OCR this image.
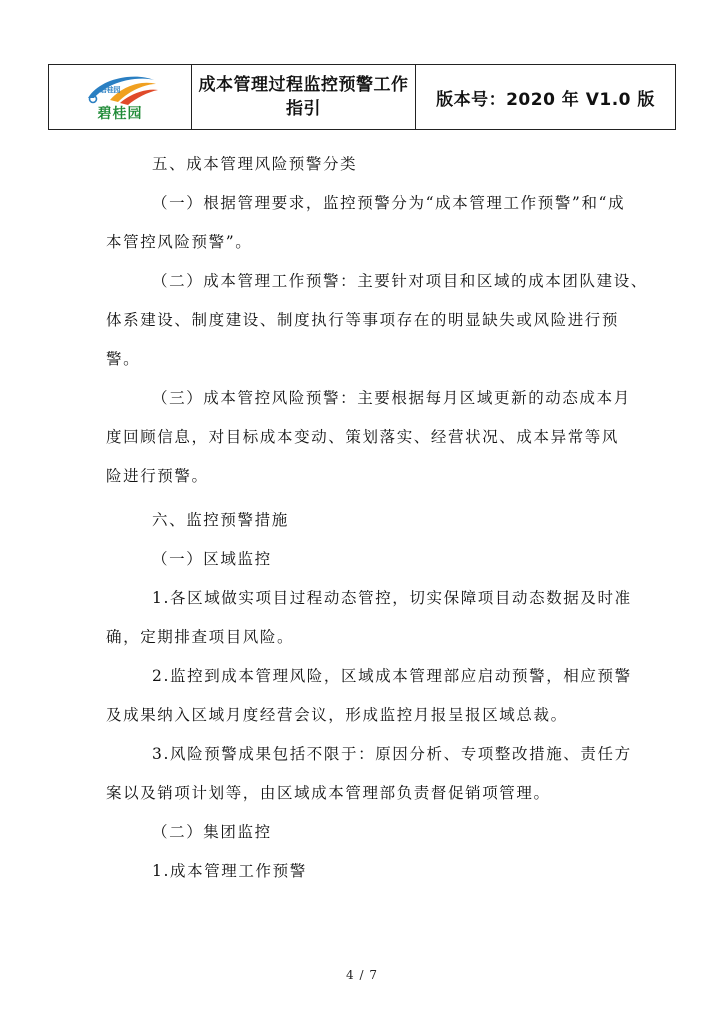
碧桂园
碧桂园
成本管理过程监控预警工作
指引	版本号：2020 年 V1.0 版
五、成本管理风险预警分类
（一）根据管理要求，监控预警分为“成本管理工作预警”和“成
本管控风险预警”。
（二）成本管理工作预警：主要针对项目和区域的成本团队建设、
体系建设、制度建设、制度执行等事项存在的明显缺失或风险进行预
警。
（三）成本管控风险预警：主要根据每月区域更新的动态成本月
度回顾信息，对目标成本变动、策划落实、经营状况、成本异常等风
险进行预警。
六、监控预警措施
（一）区域监控
1.各区域做实项目过程动态管控，切实保障项目动态数据及时准
确，定期排查项目风险。
2.监控到成本管理风险，区域成本管理部应启动预警，相应预警
及成果纳入区域月度经营会议，形成监控月报呈报区域总裁。
3.风险预警成果包括不限于：原因分析、专项整改措施、责任方
案以及销项计划等，由区域成本管理部负责督促销项管理。
（二）集团监控
1.成本管理工作预警
4 / 7
